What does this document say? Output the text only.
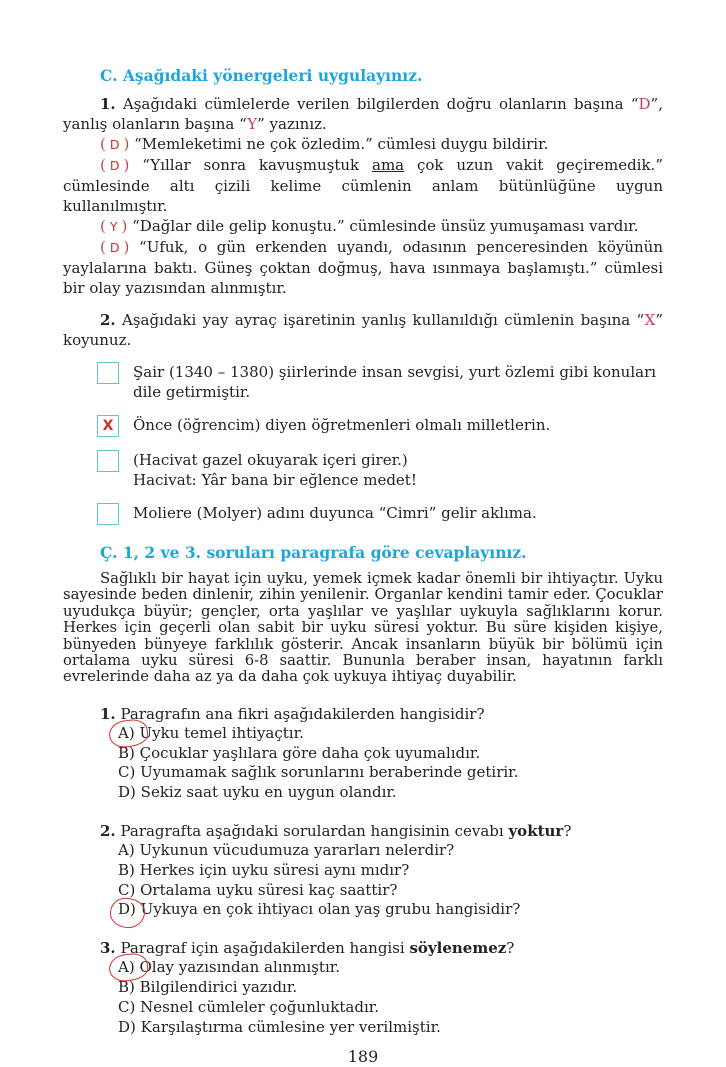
C. Aşağıdaki yönergeleri uygulayınız.

1. Aşağıdaki cümlelerde verilen bilgilerden doğru olanların başına “D”, yanlış olanların başına “Y” yazınız.

( D ) “Memleketimi ne çok özledim.” cümlesi duygu bildirir.

( D ) “Yıllar sonra kavuşmuştuk ama çok uzun vakit geçiremedik.” cümlesinde altı çizili kelime cümlenin anlam bütünlüğüne uygun kullanılmıştır.

( Y ) “Dağlar dile gelip konuştu.” cümlesinde ünsüz yumuşaması vardır.

( D ) “Ufuk, o gün erkenden uyandı, odasının penceresinden köyünün yaylalarına baktı. Güneş çoktan doğmuş, hava ısınmaya başlamıştı.” cümlesi bir olay yazısından alınmıştır.

2. Aşağıdaki yay ayraç işaretinin yanlış kullanıldığı cümlenin başına “X” koyunuz.

Şair (1340 – 1380) şiirlerinde insan sevgisi, yurt özlemi gibi konuları dile getirmiştir.
X Önce (öğrencim) diyen öğretmenleri olmalı milletlerin.
(Hacivat gazel okuyarak içeri girer.)
Hacivat: Yâr bana bir eğlence medet!
Moliere (Molyer) adını duyunca “Cimri” gelir aklıma.
Ç. 1, 2 ve 3. soruları paragrafa göre cevaplayınız.

Sağlıklı bir hayat için uyku, yemek içmek kadar önemli bir ihtiyaçtır. Uyku sayesinde beden dinlenir, zihin yenilenir. Organlar kendini tamir eder. Çocuklar uyudukça büyür; gençler, orta yaşlılar ve yaşlılar uykuyla sağlıklarını korur. Herkes için geçerli olan sabit bir uyku süresi yoktur. Bu süre kişiden kişiye, bünyeden bünyeye farklılık gösterir. Ancak insanların büyük bir bölümü için ortalama uyku süresi 6-8 saattir. Bununla beraber insan, hayatının farklı evrelerinde daha az ya da daha çok uykuya ihtiyaç duyabilir.

1. Paragrafın ana fikri aşağıdakilerden hangisidir?

A) Uyku temel ihtiyaçtır.

B) Çocuklar yaşlılara göre daha çok uyumalıdır.

C) Uyumamak sağlık sorunlarını beraberinde getirir.

D) Sekiz saat uyku en uygun olandır.

2. Paragrafta aşağıdaki sorulardan hangisinin cevabı yoktur?

A) Uykunun vücudumuza yararları nelerdir?

B) Herkes için uyku süresi aynı mıdır?

C) Ortalama uyku süresi kaç saattir?

D) Uykuya en çok ihtiyacı olan yaş grubu hangisidir?

3. Paragraf için aşağıdakilerden hangisi söylenemez?

A) Olay yazısından alınmıştır.

B) Bilgilendirici yazıdır.

C) Nesnel cümleler çoğunluktadır.

D) Karşılaştırma cümlesine yer verilmiştir.

189
